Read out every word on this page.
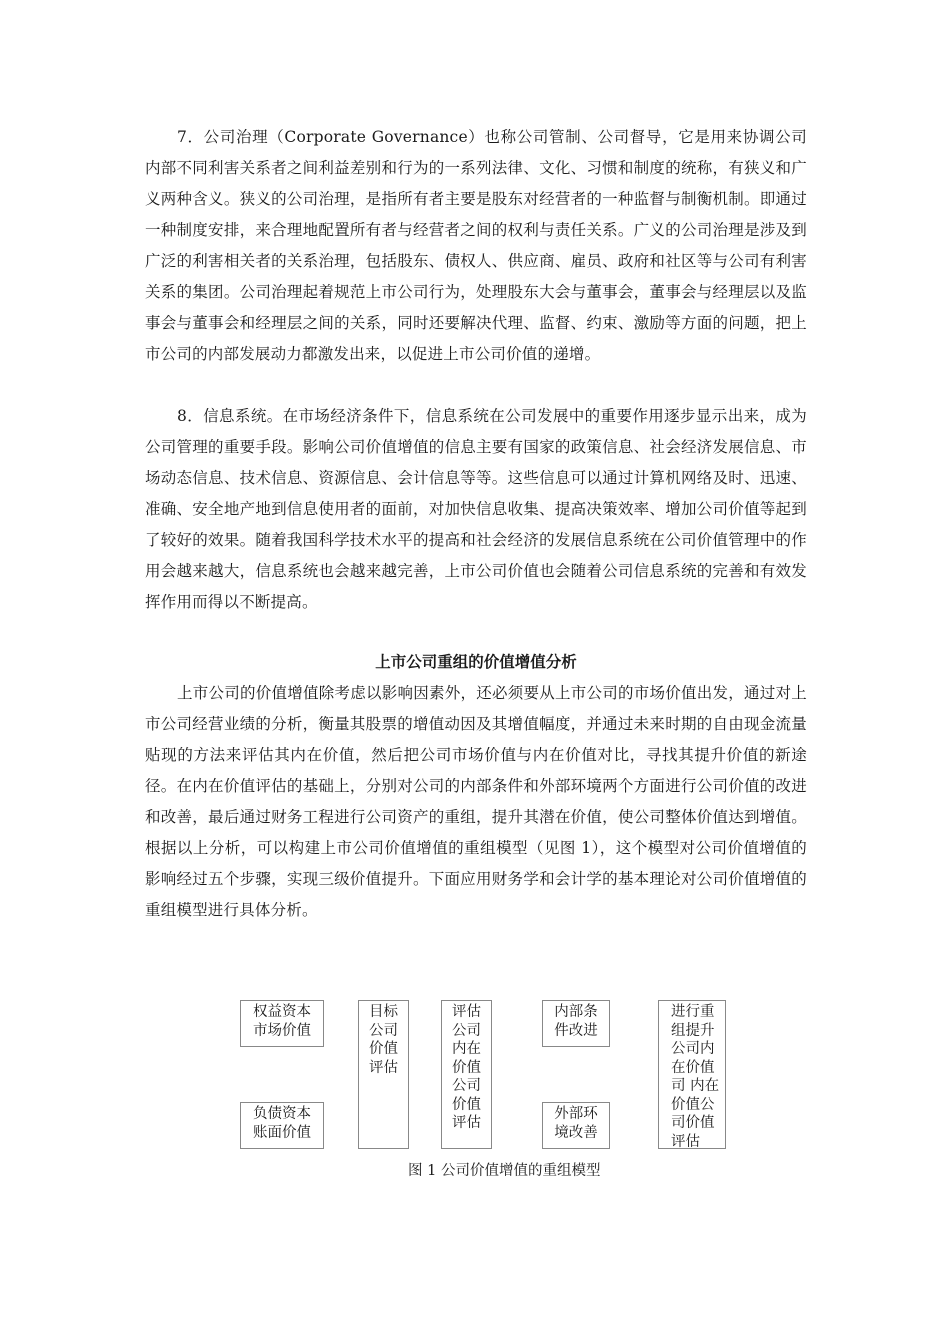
7．公司治理（Corporate Governance）也称公司管制、公司督导，它是用来协调公司内部不同利害关系者之间利益差别和行为的一系列法律、文化、习惯和制度的统称，有狭义和广义两种含义。狭义的公司治理，是指所有者主要是股东对经营者的一种监督与制衡机制。即通过一种制度安排，来合理地配置所有者与经营者之间的权利与责任关系。广义的公司治理是涉及到广泛的利害相关者的关系治理，包括股东、债权人、供应商、雇员、政府和社区等与公司有利害关系的集团。公司治理起着规范上市公司行为，处理股东大会与董事会，董事会与经理层以及监事会与董事会和经理层之间的关系，同时还要解决代理、监督、约束、激励等方面的问题，把上市公司的内部发展动力都激发出来，以促进上市公司价值的递增。

8．信息系统。在市场经济条件下，信息系统在公司发展中的重要作用逐步显示出来，成为公司管理的重要手段。影响公司价值增值的信息主要有国家的政策信息、社会经济发展信息、市场动态信息、技术信息、资源信息、会计信息等等。这些信息可以通过计算机网络及时、迅速、准确、安全地产地到信息使用者的面前，对加快信息收集、提高决策效率、增加公司价值等起到了较好的效果。随着我国科学技术水平的提高和社会经济的发展信息系统在公司价值管理中的作用会越来越大，信息系统也会越来越完善，上市公司价值也会随着公司信息系统的完善和有效发挥作用而得以不断提高。

上市公司重组的价值增值分析

上市公司的价值增值除考虑以影响因素外，还必须要从上市公司的市场价值出发，通过对上市公司经营业绩的分析，衡量其股票的增值动因及其增值幅度，并通过未来时期的自由现金流量贴现的方法来评估其内在价值，然后把公司市场价值与内在价值对比，寻找其提升价值的新途径。在内在价值评估的基础上，分别对公司的内部条件和外部环境两个方面进行公司价值的改进和改善，最后通过财务工程进行公司资产的重组，提升其潜在价值，使公司整体价值达到增值。根据以上分析，可以构建上市公司价值增值的重组模型（见图 1），这个模型对公司价值增值的影响经过五个步骤，实现三级价值提升。下面应用财务学和会计学的基本理论对公司价值增值的重组模型进行具体分析。

权益资本
市场价值
负债资本
账面价值
目标
公司
价值
评估
评估
公司
内在
价值
公司
价值
评估
内部条
件改进
外部环
境改善
进行重组提升公司内在价值司 内在价值公司价值评估
图 1 公司价值增值的重组模型
